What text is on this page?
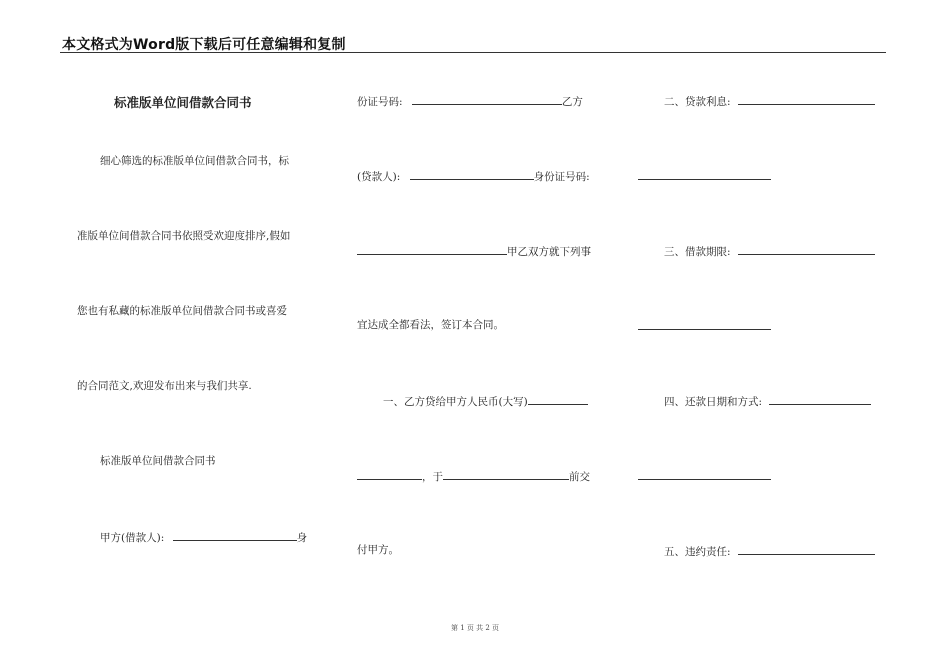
本文格式为Word版下载后可任意编辑和复制
标准版单位间借款合同书
细心筛选的标准版单位间借款合同书，标
准版单位间借款合同书依照受欢迎度排序,假如
您也有私藏的标准版单位间借款合同书或喜爱
的合同范文,欢迎发布出来与我们共享.
标准版单位间借款合同书
甲方(借款人):	身
份证号码:	乙方
(贷款人):	身份证号码:
甲乙双方就下列事
宜达成全都看法，签订本合同。
一、乙方贷给甲方人民币(大写)
，于	前交
付甲方。
二、贷款利息:
三、借款期限:
四、还款日期和方式:
五、违约责任:
第 1 页 共 2 页
